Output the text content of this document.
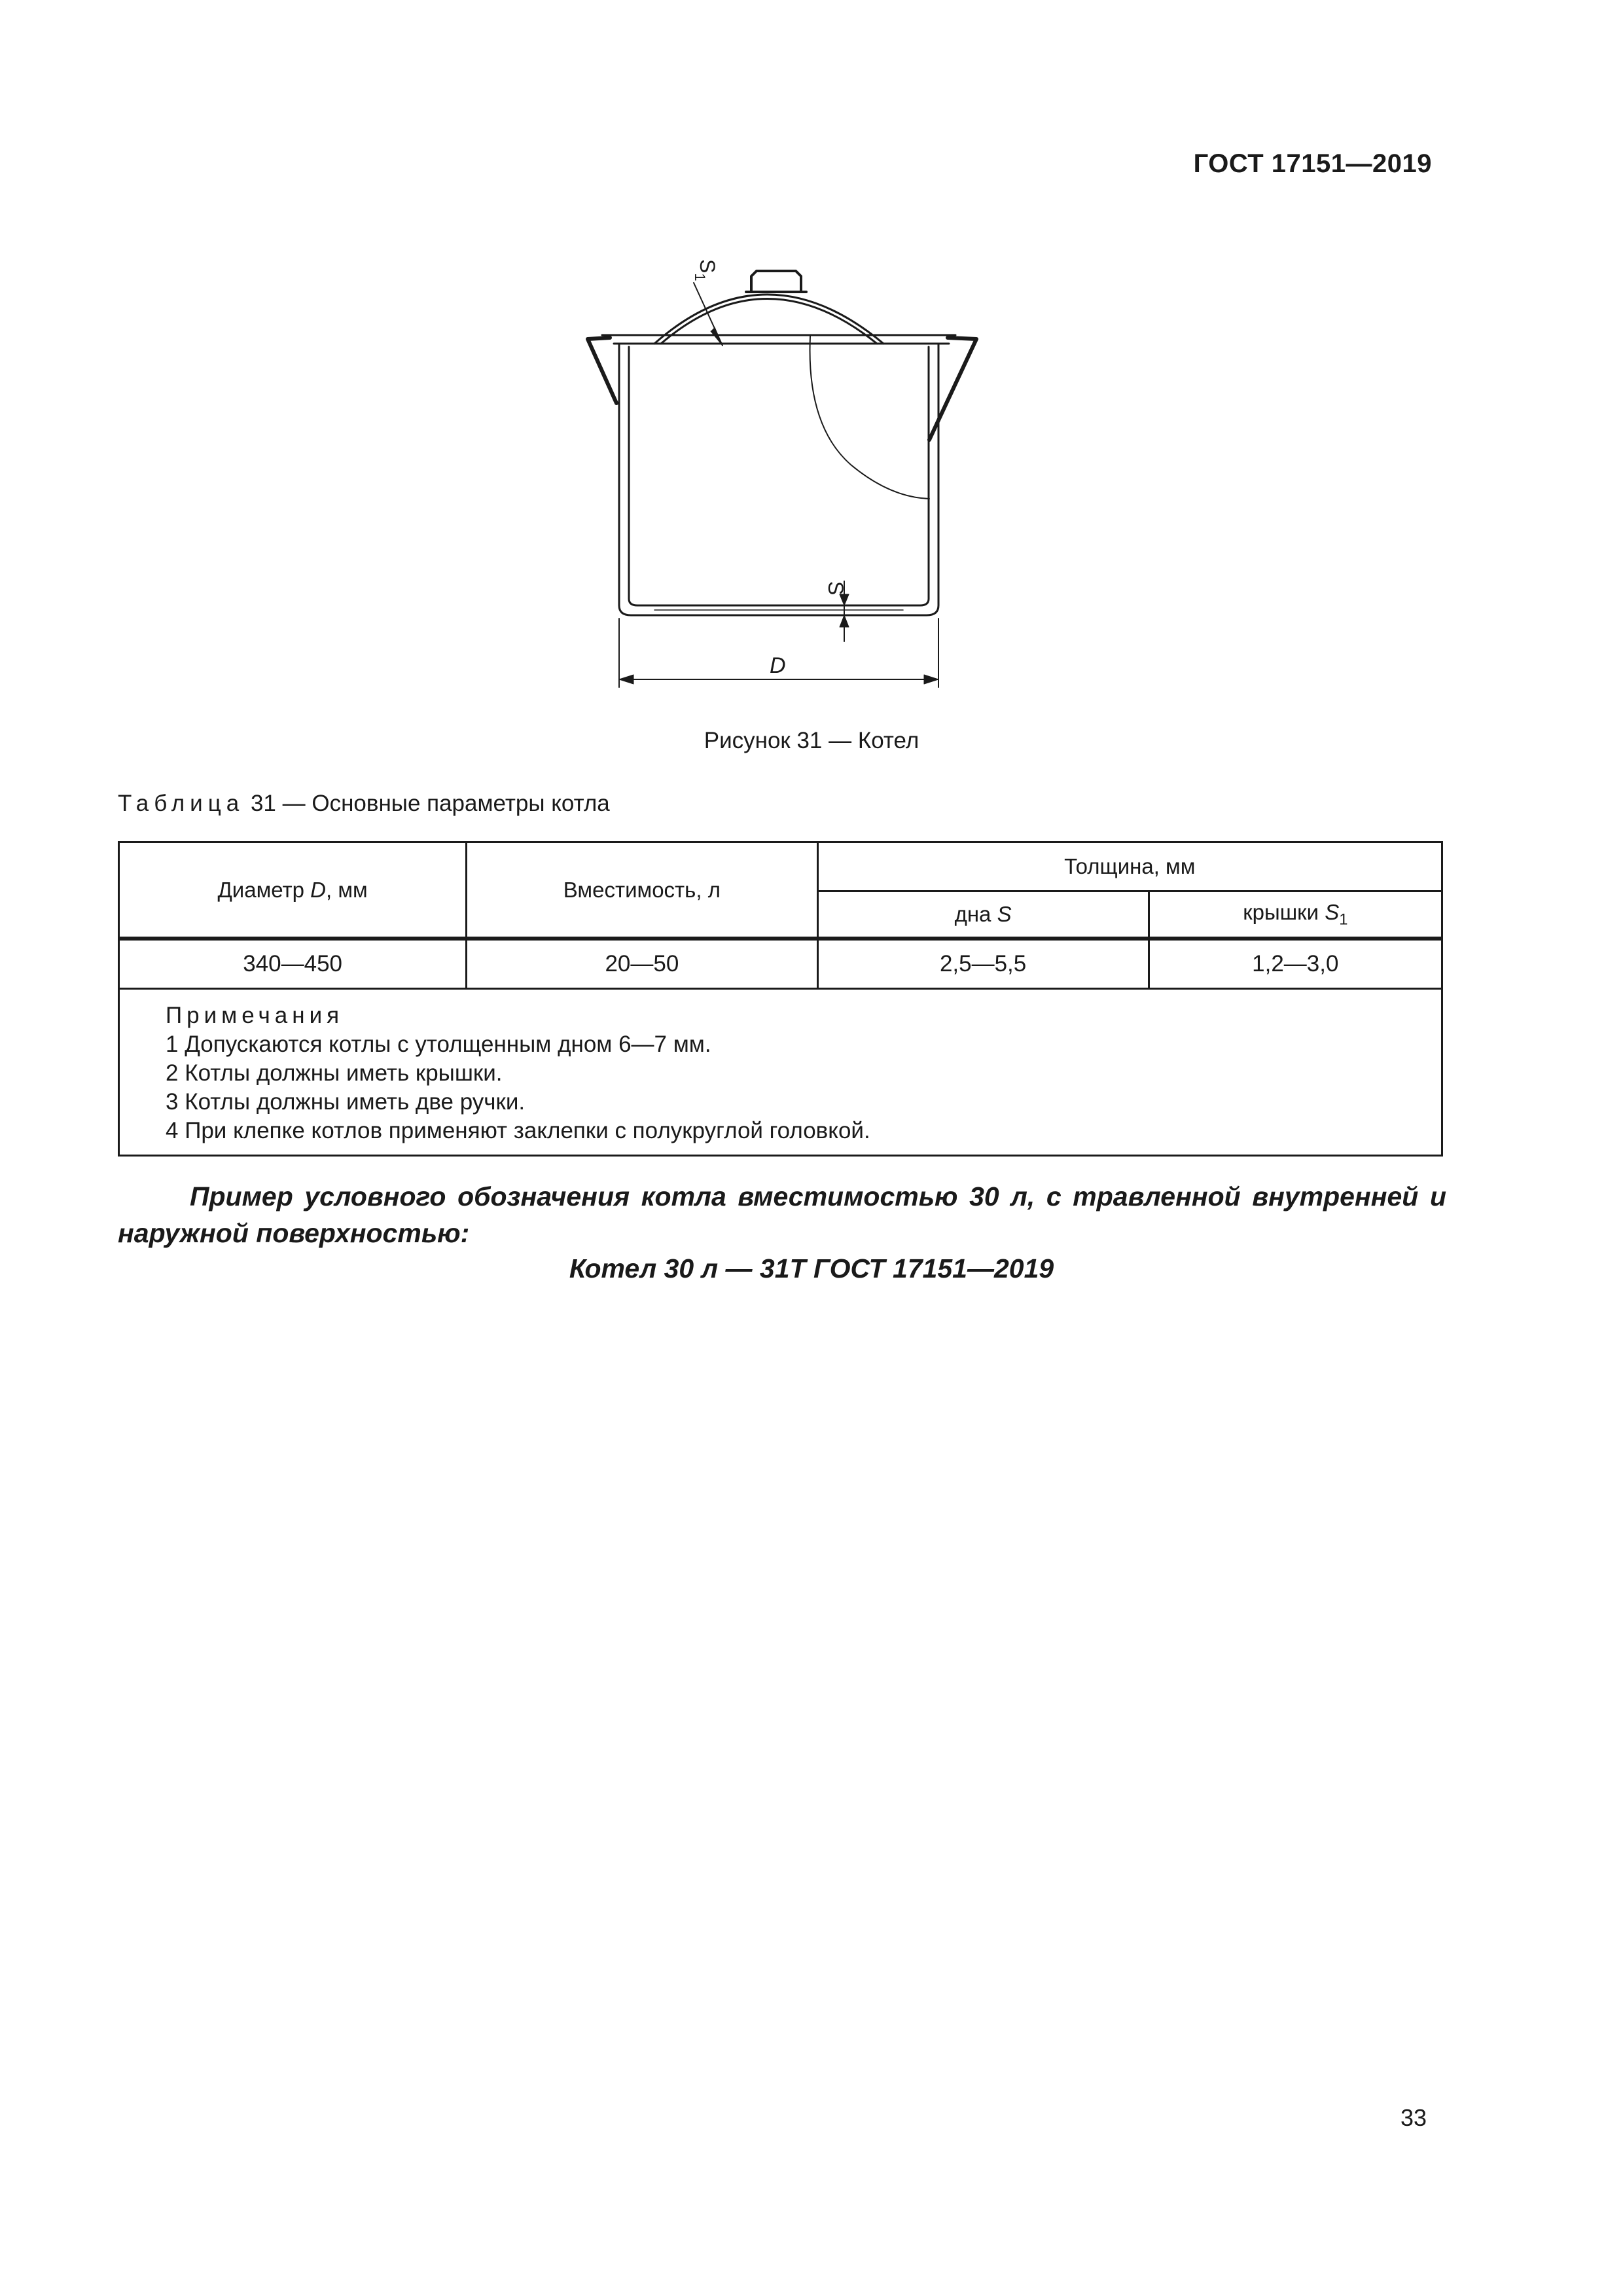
ГОСТ 17151—2019
$S_1$
S
D
Рисунок 31 — Котел
Таблица 31 — Основные параметры котла
Диаметр D, мм	Вместимость, л	Толщина, мм	
		дна S	крышки $S_1$
340—450	20—50	2,5—5,5	1,2—3,0

Примечания
1 Допускаются котлы с утолщенным дном 6—7 мм.
2 Котлы должны иметь крышки.
3 Котлы должны иметь две ручки.
4 При клепке котлов применяют заклепки с полукруглой головкой.			
Пример условного обозначения котла вместимостью 30 л, с травленной внутренней и наружной поверхностью:
Котел 30 л — 31Т ГОСТ 17151—2019
33
